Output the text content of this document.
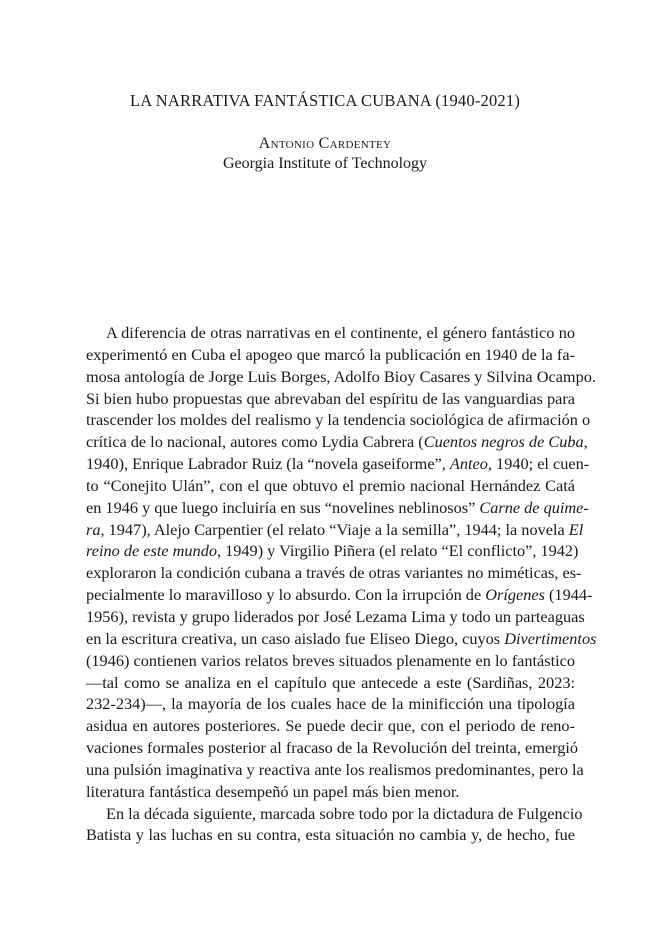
LA NARRATIVA FANTÁSTICA CUBANA (1940-2021)
Antonio Cardentey
Georgia Institute of Technology
A diferencia de otras narrativas en el continente, el género fantástico no
experimentó en Cuba el apogeo que marcó la publicación en 1940 de la fa-
mosa antología de Jorge Luis Borges, Adolfo Bioy Casares y Silvina Ocampo.
Si bien hubo propuestas que abrevaban del espíritu de las vanguardias para
trascender los moldes del realismo y la tendencia sociológica de afirmación o
crítica de lo nacional, autores como Lydia Cabrera (Cuentos negros de Cuba,
1940), Enrique Labrador Ruiz (la “novela gaseiforme”, Anteo, 1940; el cuen-
to “Conejito Ulán”, con el que obtuvo el premio nacional Hernández Catá
en 1946 y que luego incluiría en sus “novelines neblinosos” Carne de quime-
ra, 1947), Alejo Carpentier (el relato “Viaje a la semilla”, 1944; la novela El
reino de este mundo, 1949) y Virgilio Piñera (el relato “El conflicto”, 1942)
exploraron la condición cubana a través de otras variantes no miméticas, es-
pecialmente lo maravilloso y lo absurdo. Con la irrupción de Orígenes (1944-
1956), revista y grupo liderados por José Lezama Lima y todo un parteaguas
en la escritura creativa, un caso aislado fue Eliseo Diego, cuyos Divertimentos
(1946) contienen varios relatos breves situados plenamente en lo fantástico
—tal como se analiza en el capítulo que antecede a este (Sardiñas, 2023:
232-234)—, la mayoría de los cuales hace de la minificción una tipología
asidua en autores posteriores. Se puede decir que, con el periodo de reno-
vaciones formales posterior al fracaso de la Revolución del treinta, emergió
una pulsión imaginativa y reactiva ante los realismos predominantes, pero la
literatura fantástica desempeñó un papel más bien menor.
En la década siguiente, marcada sobre todo por la dictadura de Fulgencio
Batista y las luchas en su contra, esta situación no cambia y, de hecho, fue
